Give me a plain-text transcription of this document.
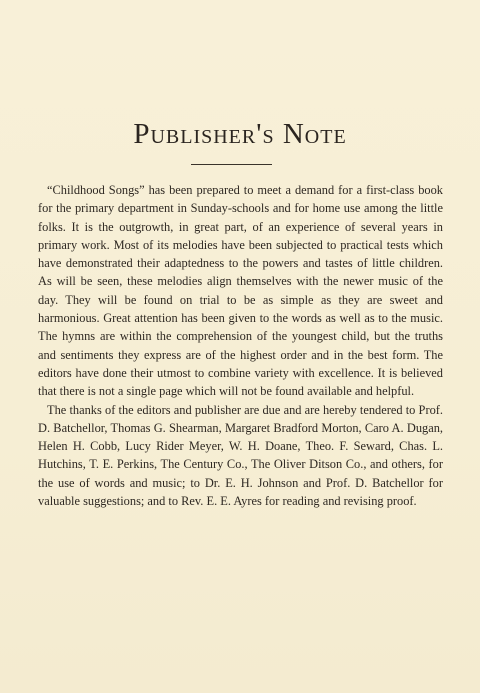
Publisher's Note

“Childhood Songs” has been prepared to meet a demand for a first-class book for the primary department in Sunday-schools and for home use among the little folks. It is the outgrowth, in great part, of an experience of several years in primary work. Most of its melodies have been subjected to practical tests which have demonstrated their adaptedness to the powers and tastes of little children. As will be seen, these melodies align themselves with the newer music of the day. They will be found on trial to be as simple as they are sweet and harmonious. Great attention has been given to the words as well as to the music. The hymns are within the comprehension of the youngest child, but the truths and sentiments they express are of the highest order and in the best form. The editors have done their utmost to combine variety with excellence. It is believed that there is not a single page which will not be found available and helpful.

The thanks of the editors and publisher are due and are hereby tendered to Prof. D. Batchellor, Thomas G. Shearman, Margaret Bradford Morton, Caro A. Dugan, Helen H. Cobb, Lucy Rider Meyer, W. H. Doane, Theo. F. Seward, Chas. L. Hutchins, T. E. Perkins, The Century Co., The Oliver Ditson Co., and others, for the use of words and music; to Dr. E. H. Johnson and Prof. D. Batchellor for valuable suggestions; and to Rev. E. E. Ayres for reading and revising proof.
